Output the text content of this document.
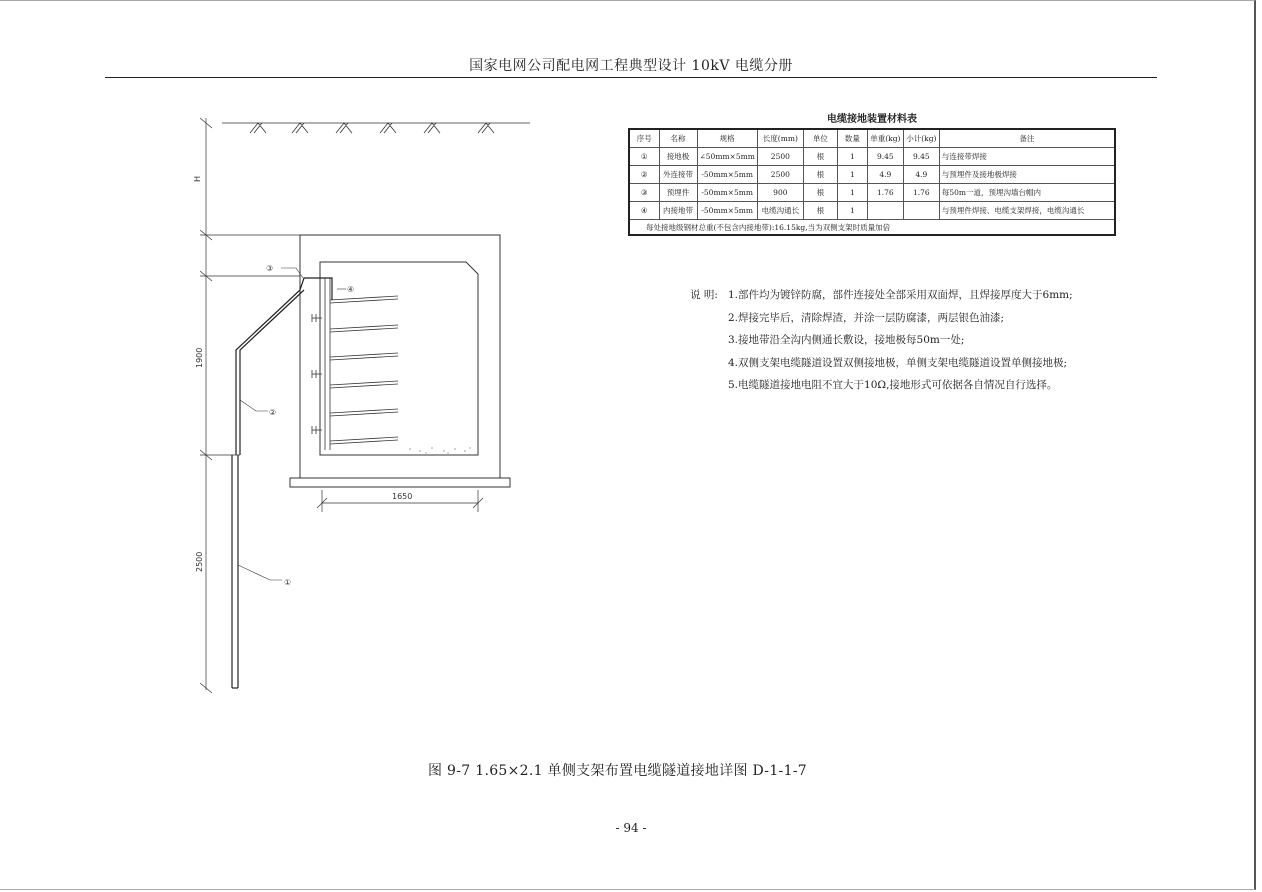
国家电网公司配电网工程典型设计 10kV 电缆分册
H
1900
2500
1650
③
④
②
①
电缆接地装置材料表
序号	名称	规格	长度(mm)	单位	数量	单重(kg)	小计(kg)	备注
①	接地极	∠50mm×5mm	2500	根	1	9.45	9.45	与连接带焊接
②	外连接带	-50mm×5mm	2500	根	1	4.9	4.9	与预埋件及接地极焊接
③	预埋件	-50mm×5mm	900	根	1	1.76	1.76	每50m一道，预埋沟墙台帽内
④	内接地带	-50mm×5mm	电缆沟通长	根	1			与预埋件焊接、电缆支架焊接，电缆沟通长
每处接地级钢材总重(不包含内接地带):16.15kg,当为双侧支架时质量加倍								
说 明: 1.部件均为镀锌防腐，部件连接处全部采用双面焊，且焊接厚度大于6mm;
2.焊接完毕后，清除焊渣，并涂一层防腐漆，两层银色油漆;
3.接地带沿全沟内侧通长敷设，接地极每50m一处;
4.双侧支架电缆隧道设置双侧接地极，单侧支架电缆隧道设置单侧接地极;
5.电缆隧道接地电阻不宜大于10Ω,接地形式可依据各自情况自行选择。
图 9-7 1.65×2.1 单侧支架布置电缆隧道接地详图 D-1-1-7
- 94 -
